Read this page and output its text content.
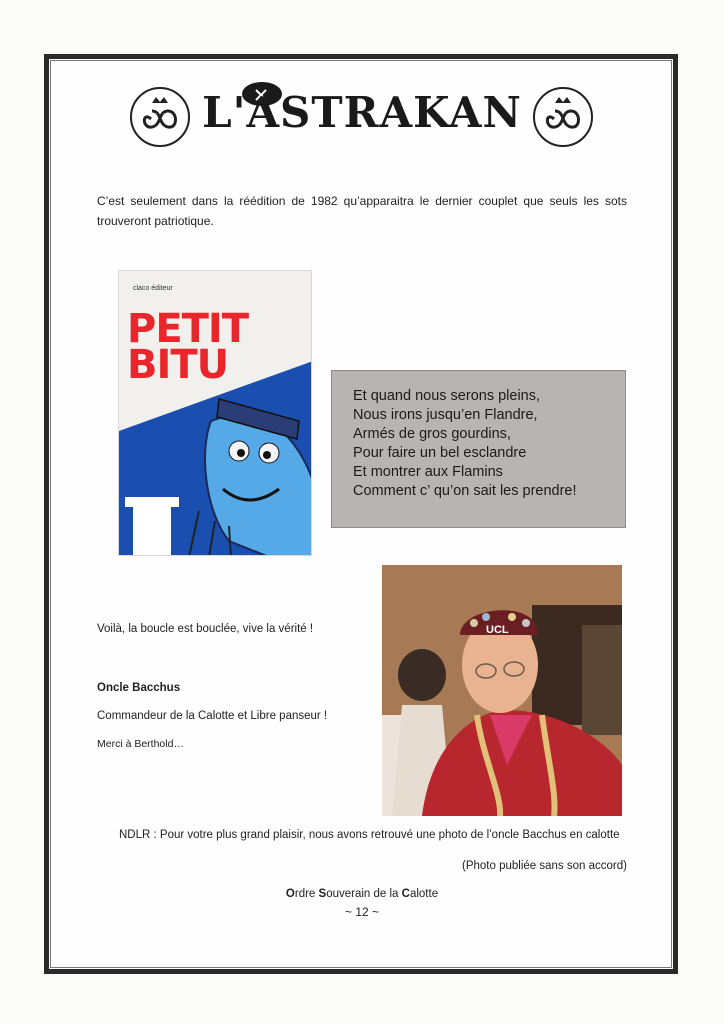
L'ASTRAKAN
C’est seulement dans la réédition de 1982 qu’apparaitra le dernier couplet que seuls les sots trouveront patriotique.
claco éditeur
PETIT
BITU
Et quand nous serons pleins,
Nous irons jusqu’en Flandre,
Armés de gros gourdins,
Pour faire un bel esclandre
Et montrer aux Flamins
Comment c’ qu’on sait les prendre!
UCL
Voilà, la boucle est bouclée, vive la vérité !
Oncle Bacchus
Commandeur de la Calotte et Libre panseur !
Merci à Berthold…
NDLR : Pour votre plus grand plaisir, nous avons retrouvé une photo de l’oncle Bacchus en calotte
(Photo publiée sans son accord)
Ordre Souverain de la Calotte
~ 12 ~
